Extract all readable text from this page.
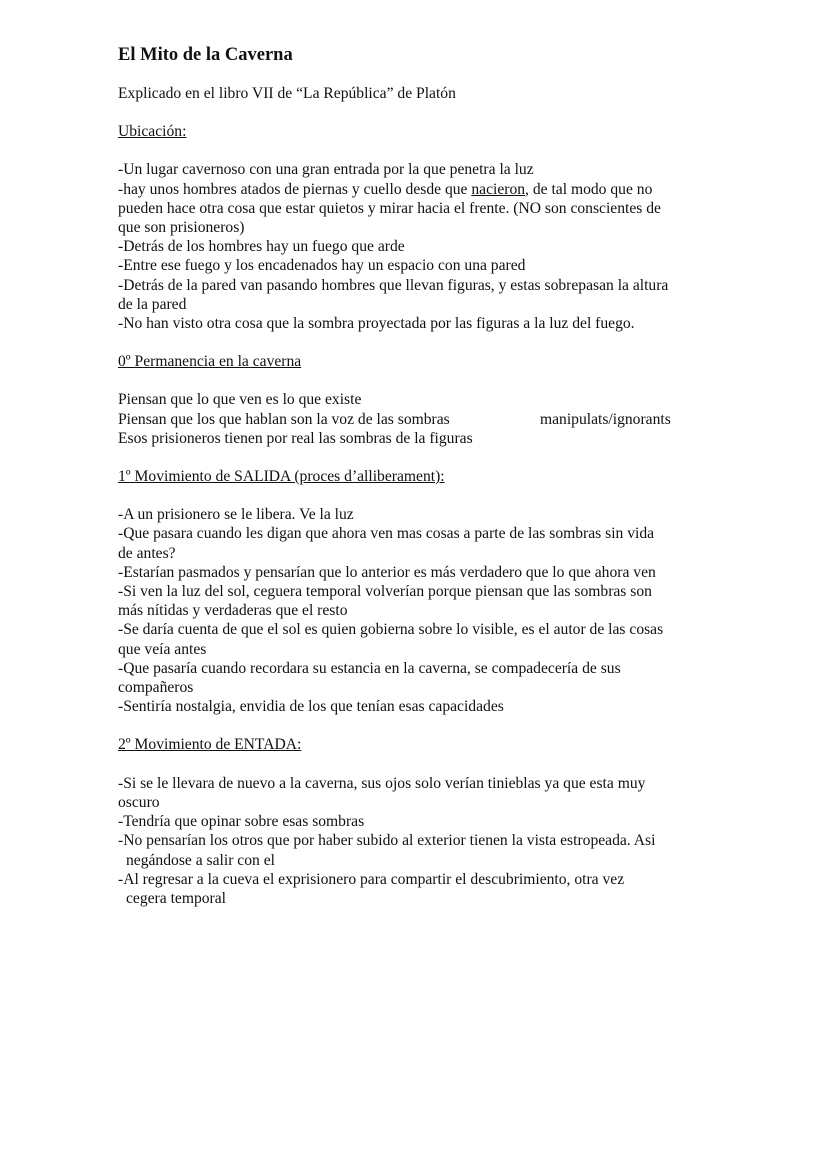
El Mito de la Caverna
Explicado en el libro VII de “La República” de Platón
Ubicación:
-Un lugar cavernoso con una gran entrada por la que penetra la luz
-hay unos hombres atados de piernas y cuello desde que nacieron, de tal modo que no
pueden hace otra cosa que estar quietos y mirar hacia el frente. (NO son conscientes de
que son prisioneros)
-Detrás de los hombres hay un fuego que arde
-Entre ese fuego y los encadenados hay un espacio con una pared
-Detrás de la pared van pasando hombres que llevan figuras, y estas sobrepasan la altura
de la pared
-No han visto otra cosa que la sombra proyectada por las figuras a la luz del fuego.
0º Permanencia en la caverna
Piensan que lo que ven es lo que existe
Piensan que los que hablan son la voz de las sombras	manipulats/ignorants
Esos prisioneros tienen por real las sombras de la figuras
1º Movimiento de SALIDA (proces d’alliberament):
-A un prisionero se le libera. Ve la luz
-Que pasara cuando les digan que ahora ven mas cosas a parte de las sombras sin vida
de antes?
-Estarían pasmados y pensarían que lo anterior es más verdadero que lo que ahora ven
-Si ven la luz del sol, ceguera temporal volverían porque piensan que las sombras son
más nítidas y verdaderas que el resto
-Se daría cuenta de que el sol es quien gobierna sobre lo visible, es el autor de las cosas
que veía antes
-Que pasaría cuando recordara su estancia en la caverna, se compadecería de sus
compañeros
-Sentiría nostalgia, envidia de los que tenían esas capacidades
2º Movimiento de ENTADA:
-Si se le llevara de nuevo a la caverna, sus ojos solo verían tinieblas ya que esta muy
oscuro
-Tendría que opinar sobre esas sombras
-No pensarían los otros que por haber subido al exterior tienen la vista estropeada. Asi
negándose a salir con el
-Al regresar a la cueva el exprisionero para compartir el descubrimiento, otra vez
cegera temporal
